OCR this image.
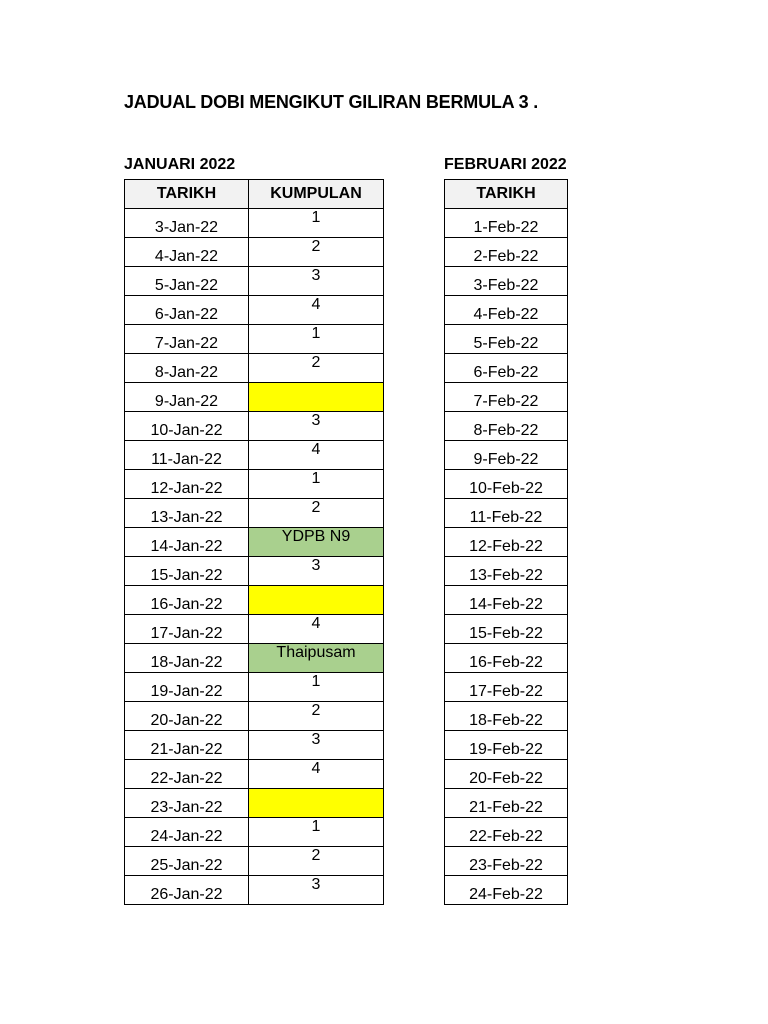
JADUAL DOBI MENGIKUT GILIRAN BERMULA 3 .
JANUARI 2022	FEBRUARI 2022
TARIKH	KUMPULAN
3-Jan-22	1
4-Jan-22	2
5-Jan-22	3
6-Jan-22	4
7-Jan-22	1
8-Jan-22	2
9-Jan-22	
10-Jan-22	3
11-Jan-22	4
12-Jan-22	1
13-Jan-22	2
14-Jan-22	YDPB N9
15-Jan-22	3
16-Jan-22	
17-Jan-22	4
18-Jan-22	Thaipusam
19-Jan-22	1
20-Jan-22	2
21-Jan-22	3
22-Jan-22	4
23-Jan-22	
24-Jan-22	1
25-Jan-22	2
26-Jan-22	3
TARIKH
1-Feb-22
2-Feb-22
3-Feb-22
4-Feb-22
5-Feb-22
6-Feb-22
7-Feb-22
8-Feb-22
9-Feb-22
10-Feb-22
11-Feb-22
12-Feb-22
13-Feb-22
14-Feb-22
15-Feb-22
16-Feb-22
17-Feb-22
18-Feb-22
19-Feb-22
20-Feb-22
21-Feb-22
22-Feb-22
23-Feb-22
24-Feb-22
